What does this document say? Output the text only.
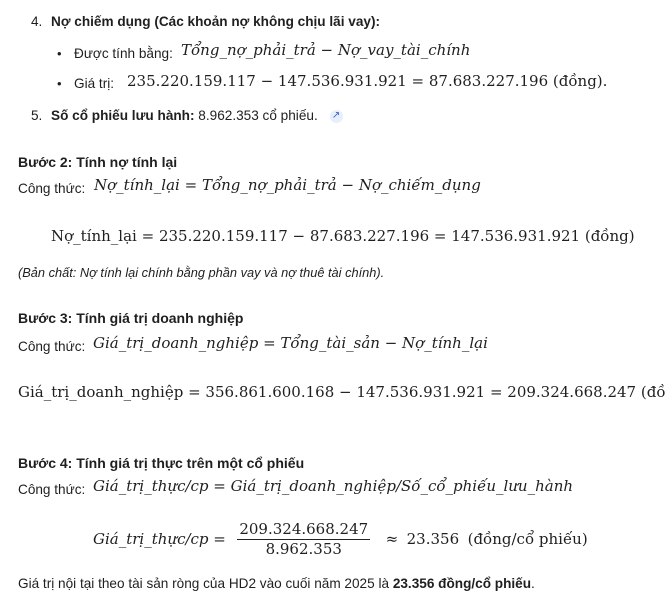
4. Nợ chiếm dụng (Các khoản nợ không chịu lãi vay):
• Được tính bằng: Tổng_nợ_phải_trả − Nợ_vay_tài_chính
• Giá trị: 235.220.159.117 − 147.536.931.921 = 87.683.227.196 (đồng).
5. Số cổ phiếu lưu hành: 8.962.353 cổ phiếu. ↗
Bước 2: Tính nợ tính lại
Công thức: Nợ_tính_lại = Tổng_nợ_phải_trả − Nợ_chiếm_dụng
Nợ_tính_lại = 235.220.159.117 − 87.683.227.196 = 147.536.931.921 (đồng)
(Bản chất: Nợ tính lại chính bằng phần vay và nợ thuê tài chính).
Bước 3: Tính giá trị doanh nghiệp
Công thức: Giá_trị_doanh_nghiệp = Tổng_tài_sản − Nợ_tính_lại
Giá_trị_doanh_nghiệp = 356.861.600.168 − 147.536.931.921 = 209.324.668.247 (đồ
Bước 4: Tính giá trị thực trên một cổ phiếu
Công thức: Giá_trị_thực/cp = Giá_trị_doanh_nghiệp/Số_cổ_phiếu_lưu_hành
Giá_trị_thực/cp = $\frac{209.324.668.247}{8.962.353} \approx 23.356$ (đồng/cổ phiếu)
Giá trị nội tại theo tài sản ròng của HD2 vào cuối năm 2025 là 23.356 đồng/cổ phiếu.
